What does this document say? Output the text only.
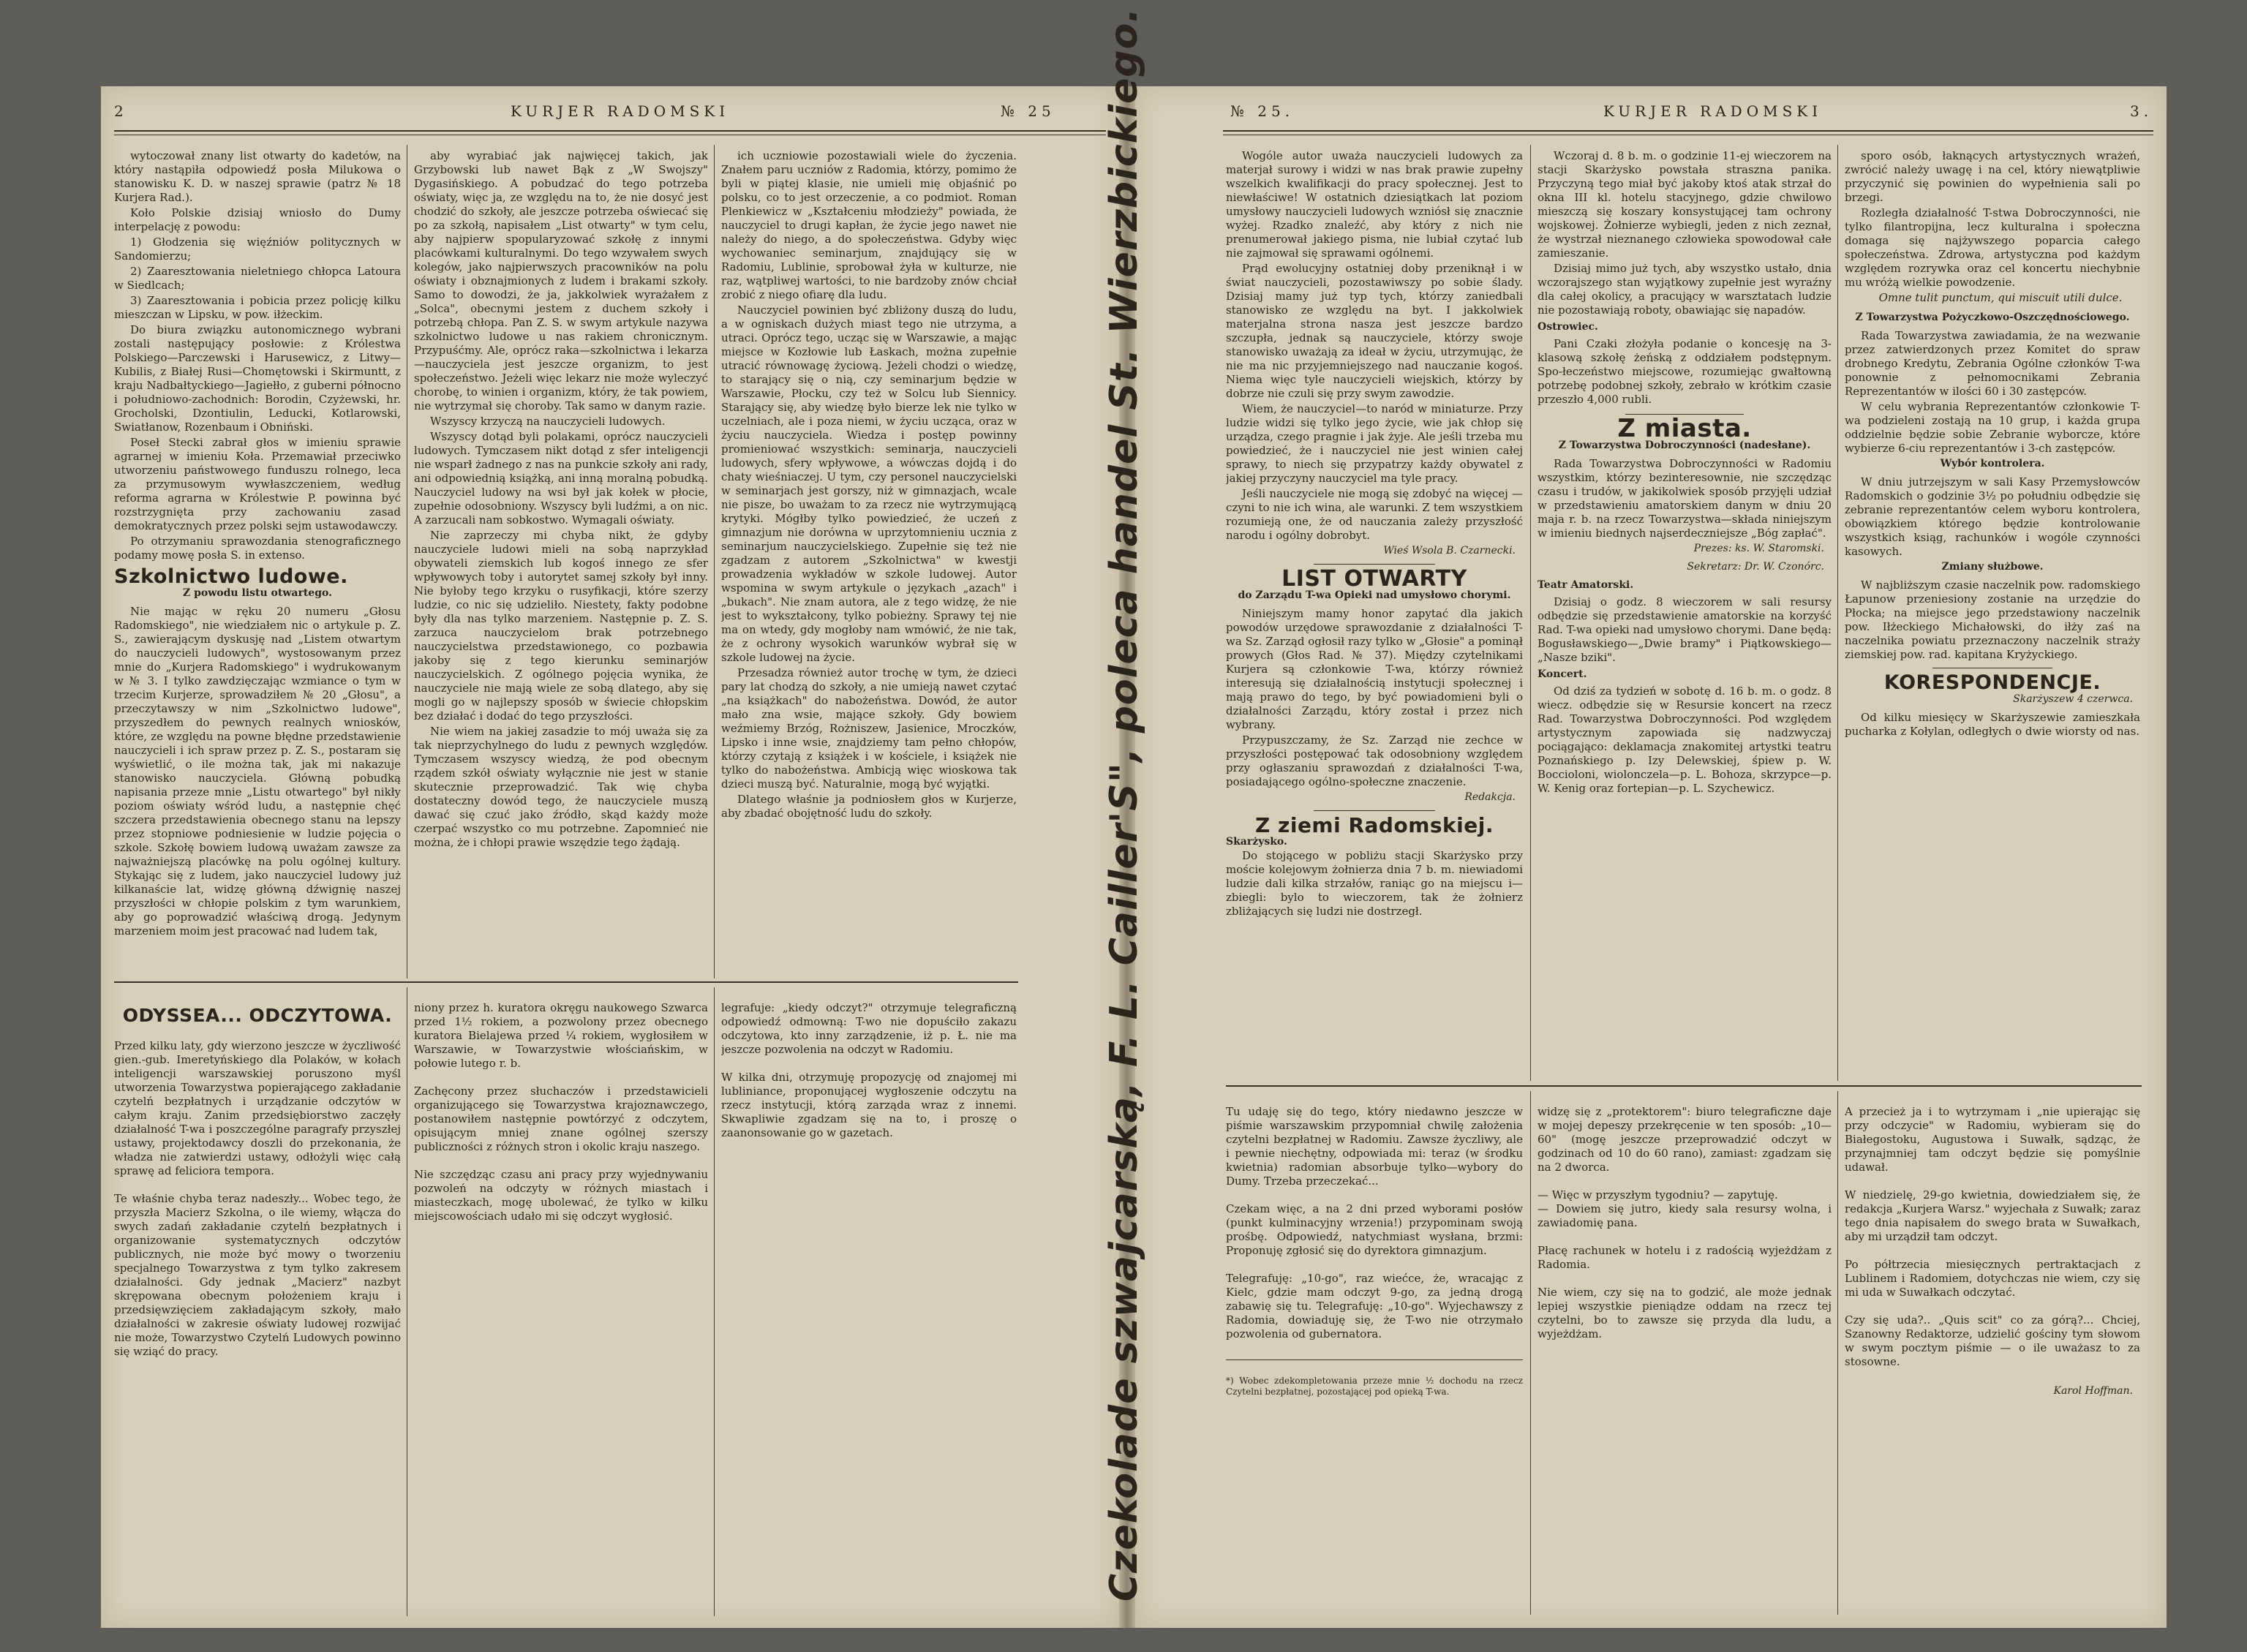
2	KURJER RADOMSKI	№ 25

wytoczował znany list otwarty do kadetów, na który nastąpiła odpowiedź posła Milukowa o stanowisku K. D. w naszej sprawie (patrz № 18 Kurjera Rad.).

Koło Polskie dzisiaj wniosło do Dumy interpelację z powodu:

1) Głodzenia się więźniów politycznych w Sandomierzu;

2) Zaaresztowania nieletniego chłopca Latoura w Siedlcach;

3) Zaaresztowania i pobicia przez policję kilku mieszczan w Lipsku, w pow. iłżeckim.

Do biura związku autonomicznego wybrani zostali następujący posłowie: z Królestwa Polskiego—Parczewski i Harusewicz, z Litwy—Kubilis, z Białej Rusi—Chomętowski i Skirmuntt, z kraju Nadbałtyckiego—Jagiełło, z guberni północno i południowo-zachodnich: Borodin, Czyżewski, hr. Grocholski, Dzontiulin, Leducki, Kotlarowski, Swiatłanow, Rozenbaum i Obniński.

Poseł Stecki zabrał głos w imieniu sprawie agrarnej w imieniu Koła. Przemawiał przeciwko utworzeniu państwowego funduszu rolnego, leca za przymusowym wywłaszczeniem, według reforma agrarna w Królestwie P. powinna być rozstrzygnięta przy zachowaniu zasad demokratycznych przez polski sejm ustawodawczy.

Po otrzymaniu sprawozdania stenograficznego podamy mowę posła S. in extenso.

Szkolnictwo ludowe.
Z powodu listu otwartego.

Nie mając w ręku 20 numeru „Głosu Radomskiego", nie wiedziałem nic o artykule p. Z. S., zawierającym dyskusję nad „Listem otwartym do nauczycieli ludowych", wystosowanym przez mnie do „Kurjera Radomskiego" i wydrukowanym w № 3. I tylko zawdzięczając wzmiance o tym w trzecim Kurjerze, sprowadziłem № 20 „Głosu", a przeczytawszy w nim „Szkolnictwo ludowe", przyszedłem do pewnych realnych wniosków, które, ze względu na powne błędne przedstawienie nauczycieli i ich spraw przez p. Z. S., postaram się wyświetlić, o ile można tak, jak mi nakazuje stanowisko nauczyciela. Główną pobudką napisania przeze mnie „Listu otwartego" był nikły poziom oświaty wśród ludu, a następnie chęć szczera przedstawienia obecnego stanu na lepszy przez stopniowe podniesienie w ludzie pojęcia o szkole. Szkołę bowiem ludową uważam zawsze za najważniejszą placówkę na polu ogólnej kultury. Stykając się z ludem, jako nauczyciel ludowy już kilkanaście lat, widzę główną dźwignię naszej przyszłości w chłopie polskim z tym warunkiem, aby go poprowadzić właściwą drogą. Jedynym marzeniem moim jest pracować nad ludem tak,

aby wyrabiać jak najwięcej takich, jak Grzybowski lub nawet Bąk z „W Swojszy" Dygasińskiego. A pobudzać do tego potrzeba oświaty, więc ja, ze względu na to, że nie dosyć jest chodzić do szkoły, ale jeszcze potrzeba oświecać się po za szkołą, napisałem „List otwarty" w tym celu, aby najpierw spopularyzować szkołę z innymi placówkami kulturalnymi. Do tego wzywałem swych kolegów, jako najpierwszych pracowników na polu oświaty i obznajmionych z ludem i brakami szkoły. Samo to dowodzi, że ja, jakkolwiek wyrażałem z „Solca", obecnymi jestem z duchem szkoły i potrzebą chłopa. Pan Z. S. w swym artykule nazywa szkolnictwo ludowe u nas rakiem chronicznym. Przypuśćmy. Ale, oprócz raka—szkolnictwa i lekarza—nauczyciela jest jeszcze organizm, to jest społeczeństwo. Jeżeli więc lekarz nie może wyleczyć chorobę, to winien i organizm, który, że tak powiem, nie wytrzymał się choroby. Tak samo w danym razie.

Wszyscy krzyczą na nauczycieli ludowych.

Wszyscy dotąd byli polakami, oprócz nauczycieli ludowych. Tymczasem nikt dotąd z sfer inteligencji nie wsparł żadnego z nas na punkcie szkoły ani rady, ani odpowiednią książką, ani inną moralną pobudką. Nauczyciel ludowy na wsi był jak kołek w płocie, zupełnie odosobniony. Wszyscy byli ludźmi, a on nic. A zarzucali nam sobkostwo. Wymagali oświaty.

Nie zaprzeczy mi chyba nikt, że gdyby nauczyciele ludowi mieli na sobą naprzykład obywateli ziemskich lub kogoś innego ze sfer wpływowych toby i autorytet samej szkoły był inny. Nie byłoby tego krzyku o rusyfikacji, które szerzy ludzie, co nic się udzieliło. Niestety, fakty podobne były dla nas tylko marzeniem. Następnie p. Z. S. zarzuca nauczycielom brak potrzebnego nauczycielstwa przedstawionego, co pozbawia jakoby się z tego kierunku seminarjów nauczycielskich. Z ogólnego pojęcia wynika, że nauczyciele nie mają wiele ze sobą dlatego, aby się mogli go w najlepszy sposób w świecie chłopskim bez działać i dodać do tego przyszłości.

Nie wiem na jakiej zasadzie to mój uważa się za tak nieprzychylnego do ludu z pewnych względów. Tymczasem wszyscy wiedzą, że pod obecnym rządem szkół oświaty wyłącznie nie jest w stanie skutecznie przeprowadzić. Tak wię chyba dostateczny dowód tego, że nauczyciele muszą dawać się czuć jako źródło, skąd każdy może czerpać wszystko co mu potrzebne. Zapomnieć nie można, że i chłopi prawie wszędzie tego żądają.

ich uczniowie pozostawiali wiele do życzenia. Znałem paru uczniów z Radomia, którzy, pomimo że byli w piątej klasie, nie umieli mię objaśnić po polsku, co to jest orzeczenie, a co podmiot. Roman Plenkiewicz w „Kształceniu młodzieży" powiada, że nauczyciel to drugi kapłan, że życie jego nawet nie należy do niego, a do społeczeństwa. Gdyby więc wychowaniec seminarjum, znajdujący się w Radomiu, Lublinie, sprobował żyła w kulturze, nie raz, wątpliwej wartości, to nie bardzoby znów chciał zrobić z niego ofiarę dla ludu.

Nauczyciel powinien być zbliżony duszą do ludu, a w ogniskach dużych miast tego nie utrzyma, a utraci. Oprócz tego, ucząc się w Warszawie, a mając miejsce w Kozłowie lub Łaskach, można zupełnie utracić równowagę życiową. Jeżeli chodzi o wiedzę, to starający się o nią, czy seminarjum będzie w Warszawie, Płocku, czy też w Solcu lub Siennicy. Starający się, aby wiedzę było bierze lek nie tylko w uczelniach, ale i poza niemi, w życiu ucząca, oraz w życiu nauczyciela. Wiedza i postęp powinny promieniować wszystkich: seminarja, nauczycieli ludowych, sfery wpływowe, a wówczas dojdą i do chaty wieśniaczej. U tym, czy personel nauczycielski w seminarjach jest gorszy, niż w gimnazjach, wcale nie pisze, bo uważam to za rzecz nie wytrzymującą krytyki. Mógłby tylko powiedzieć, że uczeń z gimnazjum nie dorówna w uprzytomnieniu ucznia z seminarjum nauczycielskiego. Zupełnie się też nie zgadzam z autorem „Szkolnictwa" w kwestji prowadzenia wykładów w szkole ludowej. Autor wspomina w swym artykule o językach „azach" i „bukach". Nie znam autora, ale z tego widzę, że nie jest to wykształcony, tylko pobieżny. Sprawy tej nie ma on wtedy, gdy mogłoby nam wmówić, że nie tak, że z ochrony wysokich warunków wybrał się w szkole ludowej na życie.

Przesadza również autor trochę w tym, że dzieci pary lat chodzą do szkoły, a nie umieją nawet czytać „na książkach" do nabożeństwa. Dowód, że autor mało zna wsie, mające szkoły. Gdy bowiem weźmiemy Brzóg, Rożniszew, Jasienice, Mroczków, Lipsko i inne wsie, znajdziemy tam pełno chłopów, którzy czytają z książek i w kościele, i książek nie tylko do nabożeństwa. Ambicją więc wioskowa tak dzieci muszą być. Naturalnie, mogą być wyjątki.

Dlatego właśnie ja podniosłem głos w Kurjerze, aby zbadać obojętność ludu do szkoły.

ODYSSEA... ODCZYTOWA.

Przed kilku laty, gdy wierzono jeszcze w życzliwość gien.-gub. Imeretyńskiego dla Polaków, w kołach inteligencji warszawskiej poruszono myśl utworzenia Towarzystwa popierającego zakładanie czytelń bezpłatnych i urządzanie odczytów w całym kraju. Zanim przedsiębiorstwo zaczęły działalność T-wa i poszczególne paragrafy przyszłej ustawy, projektodawcy doszli do przekonania, że władza nie zatwierdzi ustawy, odłożyli więc całą sprawę ad feliciora tempora.

Te właśnie chyba teraz nadeszły... Wobec tego, że przyszła Macierz Szkolna, o ile wiemy, włącza do swych zadań zakładanie czytelń bezpłatnych i organizowanie systematycznych odczytów publicznych, nie może być mowy o tworzeniu specjalnego Towarzystwa z tym tylko zakresem działalności. Gdy jednak „Macierz" nazbyt skrępowana obecnym położeniem kraju i przedsięwzięciem zakładającym szkoły, mało działalności w zakresie oświaty ludowej rozwijać nie może, Towarzystwo Czytelń Ludowych powinno się wziąć do pracy.

niony przez h. kuratora okręgu naukowego Szwarca przed 1½ rokiem, a pozwolony przez obecnego kuratora Bielajewa przed ¼ rokiem, wygłosiłem w Warszawie, w Towarzystwie włościańskim, w połowie lutego r. b.

Zachęcony przez słuchaczów i przedstawicieli organizującego się Towarzystwa krajoznawczego, postanowiłem następnie powtórzyć z odczytem, opisującym mniej znane ogólnej szerszy publiczności z różnych stron i okolic kraju naszego.

Nie szczędząc czasu ani pracy przy wyjednywaniu pozwoleń na odczyty w różnych miastach i miasteczkach, mogę ubolewać, że tylko w kilku miejscowościach udało mi się odczyt wygłosić.

legrafuje: „kiedy odczyt?" otrzymuje telegraficzną odpowiedź odmowną: T-wo nie dopuściło zakazu odczytowa, kto inny zarządzenie, iż p. Ł. nie ma jeszcze pozwolenia na odczyt w Radomiu.

W kilka dni, otrzymuję propozycję od znajomej mi lubliniance, proponującej wygłoszenie odczytu na rzecz instytucji, którą zarząda wraz z innemi. Skwapliwie zgadzam się na to, i proszę o zaanonsowanie go w gazetach.

№ 25.	KURJER RADOMSKI	3.

Wogóle autor uważa nauczycieli ludowych za materjał surowy i widzi w nas brak prawie zupełny wszelkich kwalifikacji do pracy społecznej. Jest to niewłaściwe! W ostatnich dziesiątkach lat poziom umysłowy nauczycieli ludowych wzniósł się znacznie wyżej. Rzadko znaleźć, aby który z nich nie prenumerował jakiego pisma, nie lubiał czytać lub nie zajmował się sprawami ogólnemi.

Prąd ewolucyjny ostatniej doby przeniknął i w świat nauczycieli, pozostawiwszy po sobie ślady. Dzisiaj mamy już typ tych, którzy zaniedbali stanowisko ze względu na byt. I jakkolwiek materjalna strona nasza jest jeszcze bardzo szczupła, jednak są nauczyciele, którzy swoje stanowisko uważają za ideał w życiu, utrzymując, że nie ma nic przyjemniejszego nad nauczanie kogoś. Niema więc tyle nauczycieli wiejskich, którzy by dobrze nie czuli się przy swym zawodzie.

Wiem, że nauczyciel—to naród w miniaturze. Przy ludzie widzi się tylko jego życie, wie jak chłop się urządza, czego pragnie i jak żyje. Ale jeśli trzeba mu powiedzieć, że i nauczyciel nie jest winien całej sprawy, to niech się przypatrzy każdy obywatel z jakiej przyczyny nauczyciel ma tyle pracy.

Jeśli nauczyciele nie mogą się zdobyć na więcej — czyni to nie ich wina, ale warunki. Z tem wszystkiem rozumieją one, że od nauczania zależy przyszłość narodu i ogólny dobrobyt.

Wieś Wsola B. Czarnecki.
LIST OTWARTY
do Zarządu T-wa Opieki nad umysłowo chorymi.

Niniejszym mamy honor zapytać dla jakich powodów urzędowe sprawozdanie z działalności T-wa Sz. Zarząd ogłosił razy tylko w „Głosie" a pominął prowych (Głos Rad. № 37). Między czytelnikami Kurjera są członkowie T-wa, którzy również interesują się działalnością instytucji społecznej i mają prawo do tego, by być powiadomieni byli o działalności Zarządu, który został i przez nich wybrany.

Przypuszczamy, że Sz. Zarząd nie zechce w przyszłości postępować tak odosobniony względem przy ogłaszaniu sprawozdań z działalności T-wa, posiadającego ogólno-społeczne znaczenie.

Redakcja.
Z ziemi Radomskiej.
Skarżysko.

Do stojącego w pobliżu stacji Skarżysko przy moście kolejowym żołnierza dnia 7 b. m. niewiadomi ludzie dali kilka strzałów, raniąc go na miejscu i—zbiegli: bylo to wieczorem, tak że żołnierz zbliżających się ludzi nie dostrzegł.

Wczoraj d. 8 b. m. o godzinie 11-ej wieczorem na stacji Skarżysko powstała straszna panika. Przyczyną tego miał być jakoby ktoś atak strzał do okna III kl. hotelu stacyjnego, gdzie chwilowo mieszczą się koszary konsystującej tam ochrony wojskowej. Żołnierze wybiegli, jeden z nich zeznał, że wystrzał nieznanego człowieka spowodował całe zamieszanie.

Dzisiaj mimo już tych, aby wszystko ustało, dnia wczorajszego stan wyjątkowy zupełnie jest wyraźny dla całej okolicy, a pracujący w warsztatach ludzie nie pozostawiają roboty, obawiając się napadów.

Ostrowiec.

Pani Czaki złożyła podanie o koncesję na 3-klasową szkołę żeńską z oddziałem podstępnym. Spo-łeczeństwo miejscowe, rozumiejąc gwałtowną potrzebę podobnej szkoły, zebrało w krótkim czasie przeszło 4,000 rubli.

Z miasta.
Z Towarzystwa Dobroczynności (nadesłane).

Rada Towarzystwa Dobroczynności w Radomiu wszystkim, którzy bezinteresownie, nie szczędząc czasu i trudów, w jakikolwiek sposób przyjęli udział w przedstawieniu amatorskiem danym w dniu 20 maja r. b. na rzecz Towarzystwa—składa niniejszym w imieniu biednych najserdeczniejsze „Bóg zapłać".

Prezes: ks. W. Staromski.
Sekretarz: Dr. W. Czonórc.
Teatr Amatorski.

Dzisiaj o godz. 8 wieczorem w sali resursy odbędzie się przedstawienie amatorskie na korzyść Rad. T-wa opieki nad umysłowo chorymi. Dane będą: Bogusławskiego—„Dwie bramy" i Piątkowskiego—„Nasze bziki".

Koncert.

Od dziś za tydzień w sobotę d. 16 b. m. o godz. 8 wiecz. odbędzie się w Resursie koncert na rzecz Rad. Towarzystwa Dobroczynności. Pod względem artystycznym zapowiada się nadzwyczaj pociągająco: deklamacja znakomitej artystki teatru Poznańskiego p. Izy Delewskiej, śpiew p. W. Boccioloni, wiolonczela—p. L. Bohoza, skrzypce—p. W. Kenig oraz fortepian—p. L. Szychewicz.

sporo osób, łaknących artystycznych wrażeń, zwrócić należy uwagę i na cel, który niewątpliwie przyczynić się powinien do wypełnienia sali po brzegi.

Rozległa działalność T-stwa Dobroczynności, nie tylko filantropijna, lecz kulturalna i społeczna domaga się najżywszego poparcia całego społeczeństwa. Zdrowa, artystyczna pod każdym względem rozrywka oraz cel koncertu niechybnie mu wróżą wielkie powodzenie.

Omne tulit punctum, qui miscuit utili dulce.

Z Towarzystwa Pożyczkowo-Oszczędnościowego.

Rada Towarzystwa zawiadamia, że na wezwanie przez zatwierdzonych przez Komitet do spraw drobnego Kredytu, Zebrania Ogólne członków T-wa ponownie z pełnomocnikami Zebrania Reprezentantów w ilości 60 i 30 zastępców.

W celu wybrania Reprezentantów członkowie T-wa podzieleni zostają na 10 grup, i każda grupa oddzielnie będzie sobie Zebranie wyborcze, które wybierze 6-ciu reprezentantów i 3-ch zastępców.

Wybór kontrolera.

W dniu jutrzejszym w sali Kasy Przemysłowców Radomskich o godzinie 3½ po południu odbędzie się zebranie reprezentantów celem wyboru kontrolera, obowiązkiem którego będzie kontrolowanie wszystkich ksiąg, rachunków i wogóle czynności kasowych.

Zmiany służbowe.

W najbliższym czasie naczelnik pow. radomskiego Łapunow przeniesiony zostanie na urzędzie do Płocka; na miejsce jego przedstawiony naczelnik pow. Iłżeckiego Michałowski, do iłży zaś na naczelnika powiatu przeznaczony naczelnik straży ziemskiej pow. rad. kapitana Kryżyckiego.

KORESPONDENCJE.
Skarżyszew 4 czerwca.

Od kilku miesięcy w Skarżyszewie zamieszkała pucharka z Kołylan, odległych o dwie wiorsty od nas.

Tu udaję się do tego, który niedawno jeszcze w piśmie warszawskim przypomniał chwilę założenia czytelni bezpłatnej w Radomiu. Zawsze życzliwy, ale i pewnie niechętny, odpowiada mi: teraz (w środku kwietnia) radomian absorbuje tylko—wybory do Dumy. Trzeba przeczekać...

Czekam więc, a na 2 dni przed wyborami posłów (punkt kulminacyjny wrzenia!) przypominam swoją prośbę. Odpowiedź, natychmiast wysłana, brzmi: Proponuję zgłosić się do dyrektora gimnazjum.

Telegrafuję: „10-go", raz wiećce, że, wracając z Kielc, gdzie mam odczyt 9-go, za jedną drogą zabawię się tu. Telegrafuję: „10-go". Wyjechawszy z Radomia, dowiaduję się, że T-wo nie otrzymało pozwolenia od gubernatora.

*) Wobec zdekompletowania przeze mnie ½ dochodu na rzecz Czytelni bezpłatnej, pozostającej pod opieką T-wa.

widzę się z „protektorem": biuro telegraficzne daje w mojej depeszy przekręcenie w ten sposób: „10—60" (mogę jeszcze przeprowadzić odczyt w godzinach od 10 do 60 rano), zamiast: zgadzam się na 2 dworca.

— Więc w przyszłym tygodniu? — zapytuję.
— Dowiem się jutro, kiedy sala resursy wolna, i zawiadomię pana.

Płacę rachunek w hotelu i z radością wyjeżdżam z Radomia.

Nie wiem, czy się na to godzić, ale może jednak lepiej wszystkie pieniądze oddam na rzecz tej czytelni, bo to zawsze się przyda dla ludu, a wyjeżdżam.

A przecież ja i to wytrzymam i „nie upierając się przy odczycie" w Radomiu, wybieram się do Białegostoku, Augustowa i Suwałk, sądząc, że przynajmniej tam odczyt będzie się pomyślnie udawał.

W niedzielę, 29-go kwietnia, dowiedziałem się, że redakcja „Kurjera Warsz." wyjechała z Suwałk; zaraz tego dnia napisałem do swego brata w Suwałkach, aby mi urządził tam odczyt.

Po półtrzecia miesięcznych pertraktacjach z Lublinem i Radomiem, dotychczas nie wiem, czy się mi uda w Suwałkach odczytać.

Czy się uda?.. „Quis scit" co za górą?... Chciej, Szanowny Redaktorze, udzielić gościny tym słowom w swym pocztym piśmie — o ile uważasz to za stosowne.

Karol Hoffman.

Czekolade szwajcarską, F. L. Cailler'S", poleca handel St. Wierzbickiego.
